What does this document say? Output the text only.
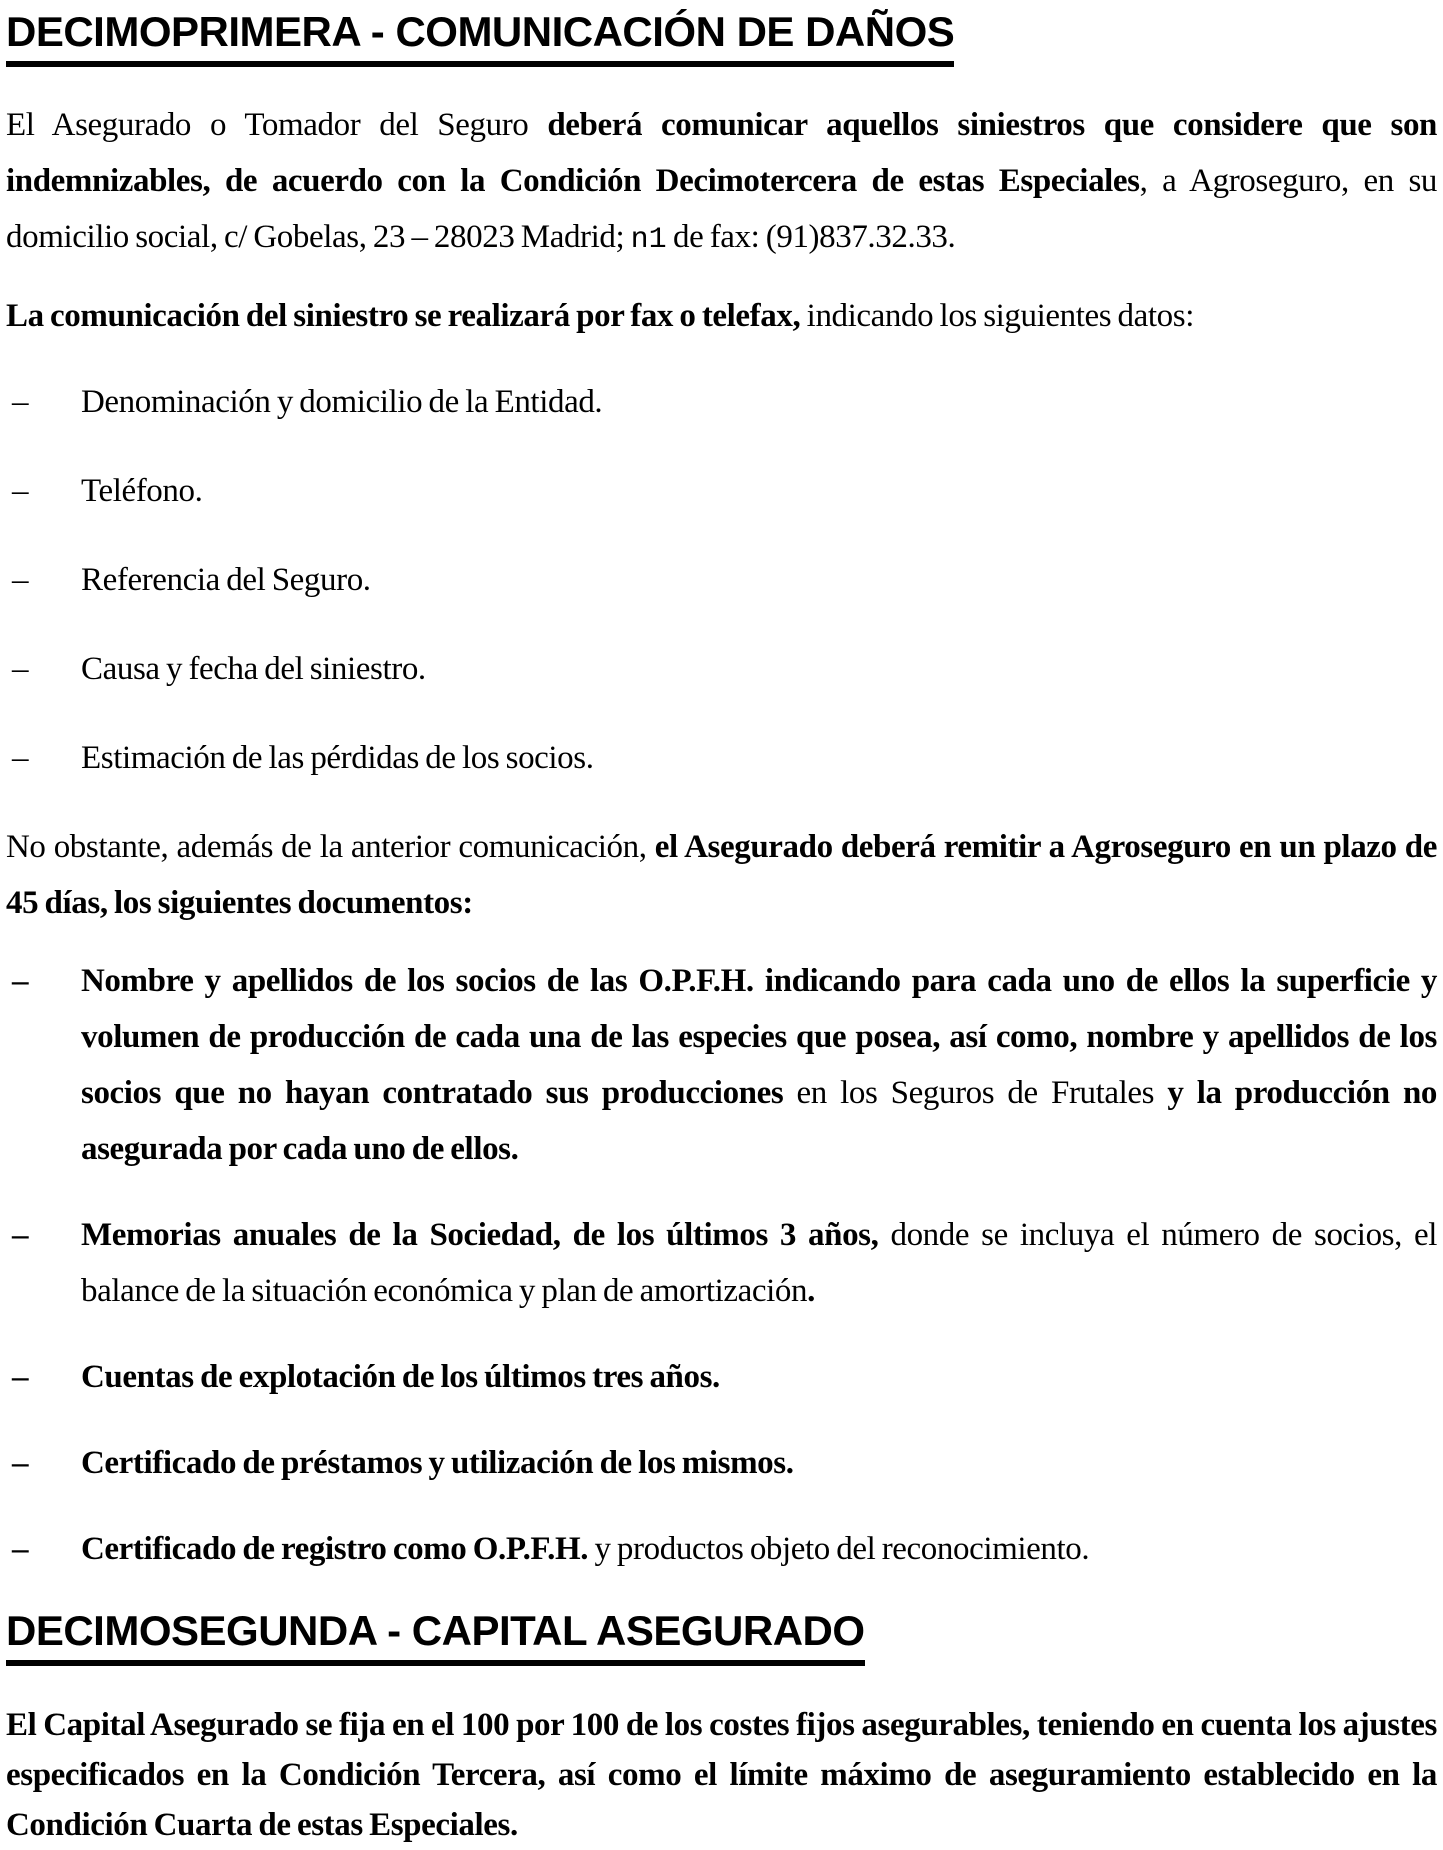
DECIMOPRIMERA - COMUNICACIÓN DE DAÑOS

El Asegurado o Tomador del Seguro deberá comunicar aquellos siniestros que considere que son indemnizables, de acuerdo con la Condición Decimotercera de estas Especiales, a Agroseguro, en su domicilio social, c/ Gobelas, 23 – 28023 Madrid; n1 de fax: (91)837.32.33.

La comunicación del siniestro se realizará por fax o telefax, indicando los siguientes datos:

– Denominación y domicilio de la Entidad.
– Teléfono.
– Referencia del Seguro.
– Causa y fecha del siniestro.
– Estimación de las pérdidas de los socios.

No obstante, además de la anterior comunicación, el Asegurado deberá remitir a Agroseguro en un plazo de 45 días, los siguientes documentos:

– Nombre y apellidos de los socios de las O.P.F.H. indicando para cada uno de ellos la superficie y volumen de producción de cada una de las especies que posea, así como, nombre y apellidos de los socios que no hayan contratado sus producciones en los Seguros de Frutales y la producción no asegurada por cada uno de ellos.
– Memorias anuales de la Sociedad, de los últimos 3 años, donde se incluya el número de socios, el balance de la situación económica y plan de amortización.
– Cuentas de explotación de los últimos tres años.
– Certificado de préstamos y utilización de los mismos.
– Certificado de registro como O.P.F.H. y productos objeto del reconocimiento.
DECIMOSEGUNDA - CAPITAL ASEGURADO

El Capital Asegurado se fija en el 100 por 100 de los costes fijos asegurables, teniendo en cuenta los ajustes especificados en la Condición Tercera, así como el límite máximo de aseguramiento establecido en la Condición Cuarta de estas Especiales.
